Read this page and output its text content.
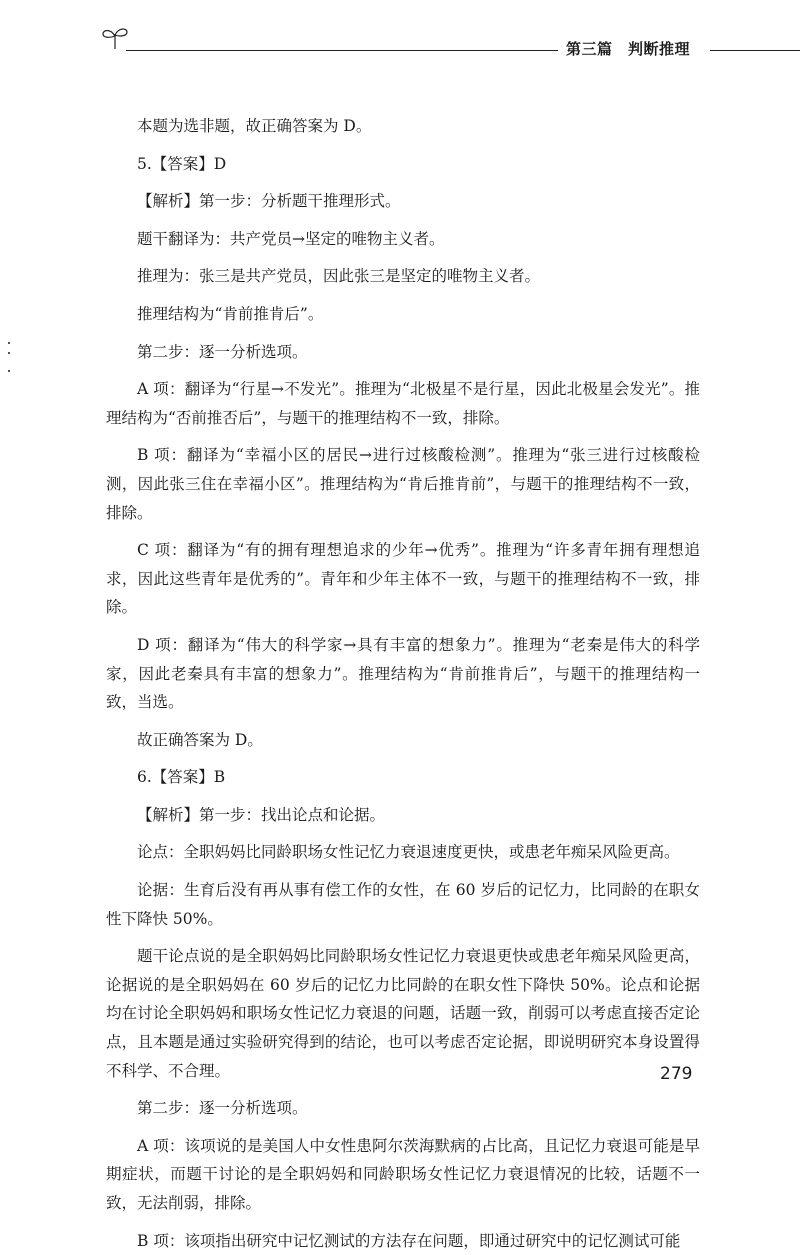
第三篇　判断推理

本题为选非题，故正确答案为 D。

5.【答案】D

【解析】第一步：分析题干推理形式。

题干翻译为：共产党员→坚定的唯物主义者。

推理为：张三是共产党员，因此张三是坚定的唯物主义者。

推理结构为“肯前推肯后”。

第二步：逐一分析选项。

A 项：翻译为“行星→不发光”。推理为“北极星不是行星，因此北极星会发光”。推理结构为“否前推否后”，与题干的推理结构不一致，排除。

B 项：翻译为“幸福小区的居民→进行过核酸检测”。推理为“张三进行过核酸检测，因此张三住在幸福小区”。推理结构为“肯后推肯前”，与题干的推理结构不一致，排除。

C 项：翻译为“有的拥有理想追求的少年→优秀”。推理为“许多青年拥有理想追求，因此这些青年是优秀的”。青年和少年主体不一致，与题干的推理结构不一致，排除。

D 项：翻译为“伟大的科学家→具有丰富的想象力”。推理为“老秦是伟大的科学家，因此老秦具有丰富的想象力”。推理结构为“肯前推肯后”，与题干的推理结构一致，当选。

故正确答案为 D。

6.【答案】B

【解析】第一步：找出论点和论据。

论点：全职妈妈比同龄职场女性记忆力衰退速度更快，或患老年痴呆风险更高。

论据：生育后没有再从事有偿工作的女性，在 60 岁后的记忆力，比同龄的在职女性下降快 50%。

题干论点说的是全职妈妈比同龄职场女性记忆力衰退更快或患老年痴呆风险更高，论据说的是全职妈妈在 60 岁后的记忆力比同龄的在职女性下降快 50%。论点和论据均在讨论全职妈妈和职场女性记忆力衰退的问题，话题一致，削弱可以考虑直接否定论点，且本题是通过实验研究得到的结论，也可以考虑否定论据，即说明研究本身设置得不科学、不合理。

第二步：逐一分析选项。

A 项：该项说的是美国人中女性患阿尔茨海默病的占比高，且记忆力衰退可能是早期症状，而题干讨论的是全职妈妈和同龄职场女性记忆力衰退情况的比较，话题不一致，无法削弱，排除。

B 项：该项指出研究中记忆测试的方法存在问题，即通过研究中的记忆测试可能

279
